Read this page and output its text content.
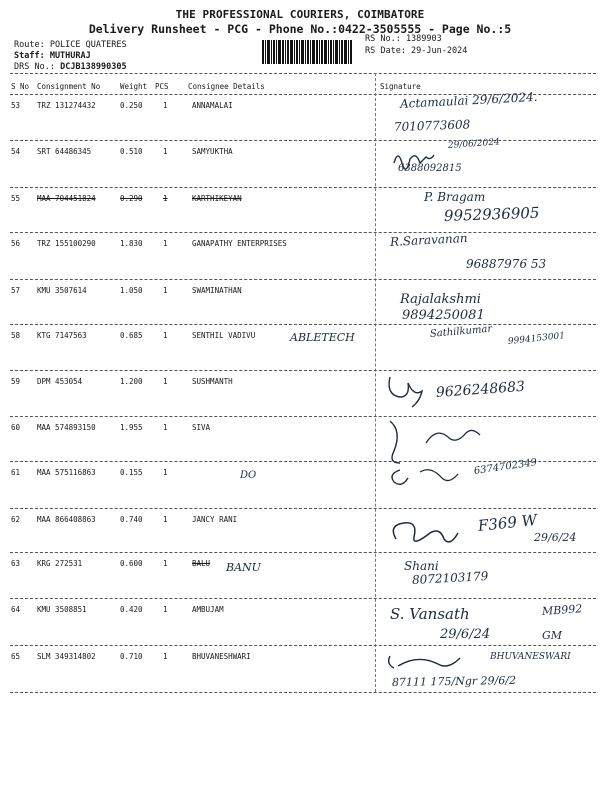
THE PROFESSIONAL COURIERS, COIMBATORE
Delivery Runsheet - PCG - Phone No.:0422-3505555 - Page No.:5
Route: POLICE QUATERES
Staff: MUTHURAJ
DRS No.: DCJB138990305
RS No.: 1389903
RS Date: 29-Jun-2024
S No Consignment No	Weight PCS	Consignee Details	Signature
53 TRZ 131274432	0.250	1	ANNAMALAI	Actamaulai 29/6/2024.
7010773608
54 SRT 64486345	0.510	1	SAMYUKTHA
29/06/2024
6388092815
55 MAA 704451824	0.290	1	KARTHIKEYAN	P. Bragam
9952936905
56 TRZ 155100290	1.830	1	GANAPATHY ENTERPRISES	R.Saravanan
96887976 53
57 KMU 3507614	1.050	1	SWAMINATHAN
Rajalakshmi
9894250081
58 KTG 7147563	0.685	1	SENTHIL VADIVU	ABLETECH	Sathilkumar 9994153001
59 DPM 453054	1.200	1	SUSHMANTH	9626248683
60 MAA 574893150	1.955	1	SIVA
61 MAA 575116863	0.155	1	DO	6374702349
62 MAA 866408863	0.740	1	JANCY RANI	F369 W
29/6/24
63 KRG 272531	0.600	1	BALU BANU	Shani
8072103179
64 KMU 3508851	0.420	1	AMBUJAM	S. Vansath
29/6/24
MB992
GM
65 SLM 349314802	0.710	1	BHUVANESHWARI	BHUVANESWARI
87111 175/Ngr 29/6/2
